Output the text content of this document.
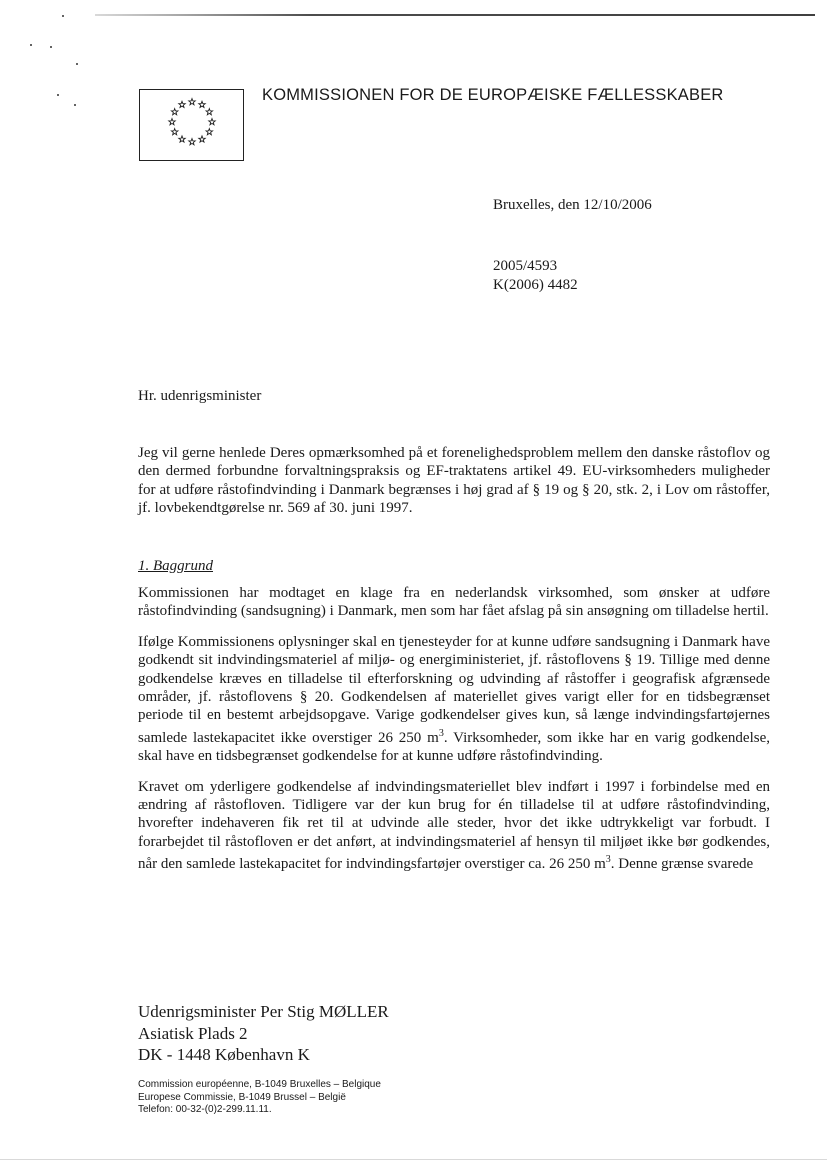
KOMMISSIONEN FOR DE EUROPÆISKE FÆLLESSKABER
Bruxelles, den 12/10/2006
2005/4593
K(2006) 4482
Hr. udenrigsminister

Jeg vil gerne henlede Deres opmærksomhed på et forenelighedsproblem mellem den danske råstoflov og den dermed forbundne forvaltningspraksis og EF-traktatens artikel 49. EU-virksomheders muligheder for at udføre råstofindvinding i Danmark begrænses i høj grad af § 19 og § 20, stk. 2, i Lov om råstoffer, jf. lovbekendtgørelse nr. 569 af 30. juni 1997.

1. Baggrund

Kommissionen har modtaget en klage fra en nederlandsk virksomhed, som ønsker at udføre råstofindvinding (sandsugning) i Danmark, men som har fået afslag på sin ansøgning om tilladelse hertil.

Ifølge Kommissionens oplysninger skal en tjenesteyder for at kunne udføre sandsugning i Danmark have godkendt sit indvindingsmateriel af miljø- og energiministeriet, jf. råstoflovens § 19. Tillige med denne godkendelse kræves en tilladelse til efterforskning og udvinding af råstoffer i geografisk afgrænsede områder, jf. råstoflovens § 20. Godkendelsen af materiellet gives varigt eller for en tidsbegrænset periode til en bestemt arbejdsopgave. Varige godkendelser gives kun, så længe indvindingsfartøjernes samlede lastekapacitet ikke overstiger 26 250 $m^3$. Virksomheder, som ikke har en varig godkendelse, skal have en tidsbegrænset godkendelse for at kunne udføre råstofindvinding.

Kravet om yderligere godkendelse af indvindingsmateriellet blev indført i 1997 i forbindelse med en ændring af råstofloven. Tidligere var der kun brug for én tilladelse til at udføre råstofindvinding, hvorefter indehaveren fik ret til at udvinde alle steder, hvor det ikke udtrykkeligt var forbudt. I forarbejdet til råstofloven er det anført, at indvindingsmateriel af hensyn til miljøet ikke bør godkendes, når den samlede lastekapacitet for indvindingsfartøjer overstiger ca. 26 250 $m^3$. Denne grænse svarede

Udenrigsminister Per Stig MØLLER
Asiatisk Plads 2
DK - 1448 København K
Commission européenne, B-1049 Bruxelles – Belgique
Europese Commissie, B-1049 Brussel – België
Telefon: 00-32-(0)2-299.11.11.
